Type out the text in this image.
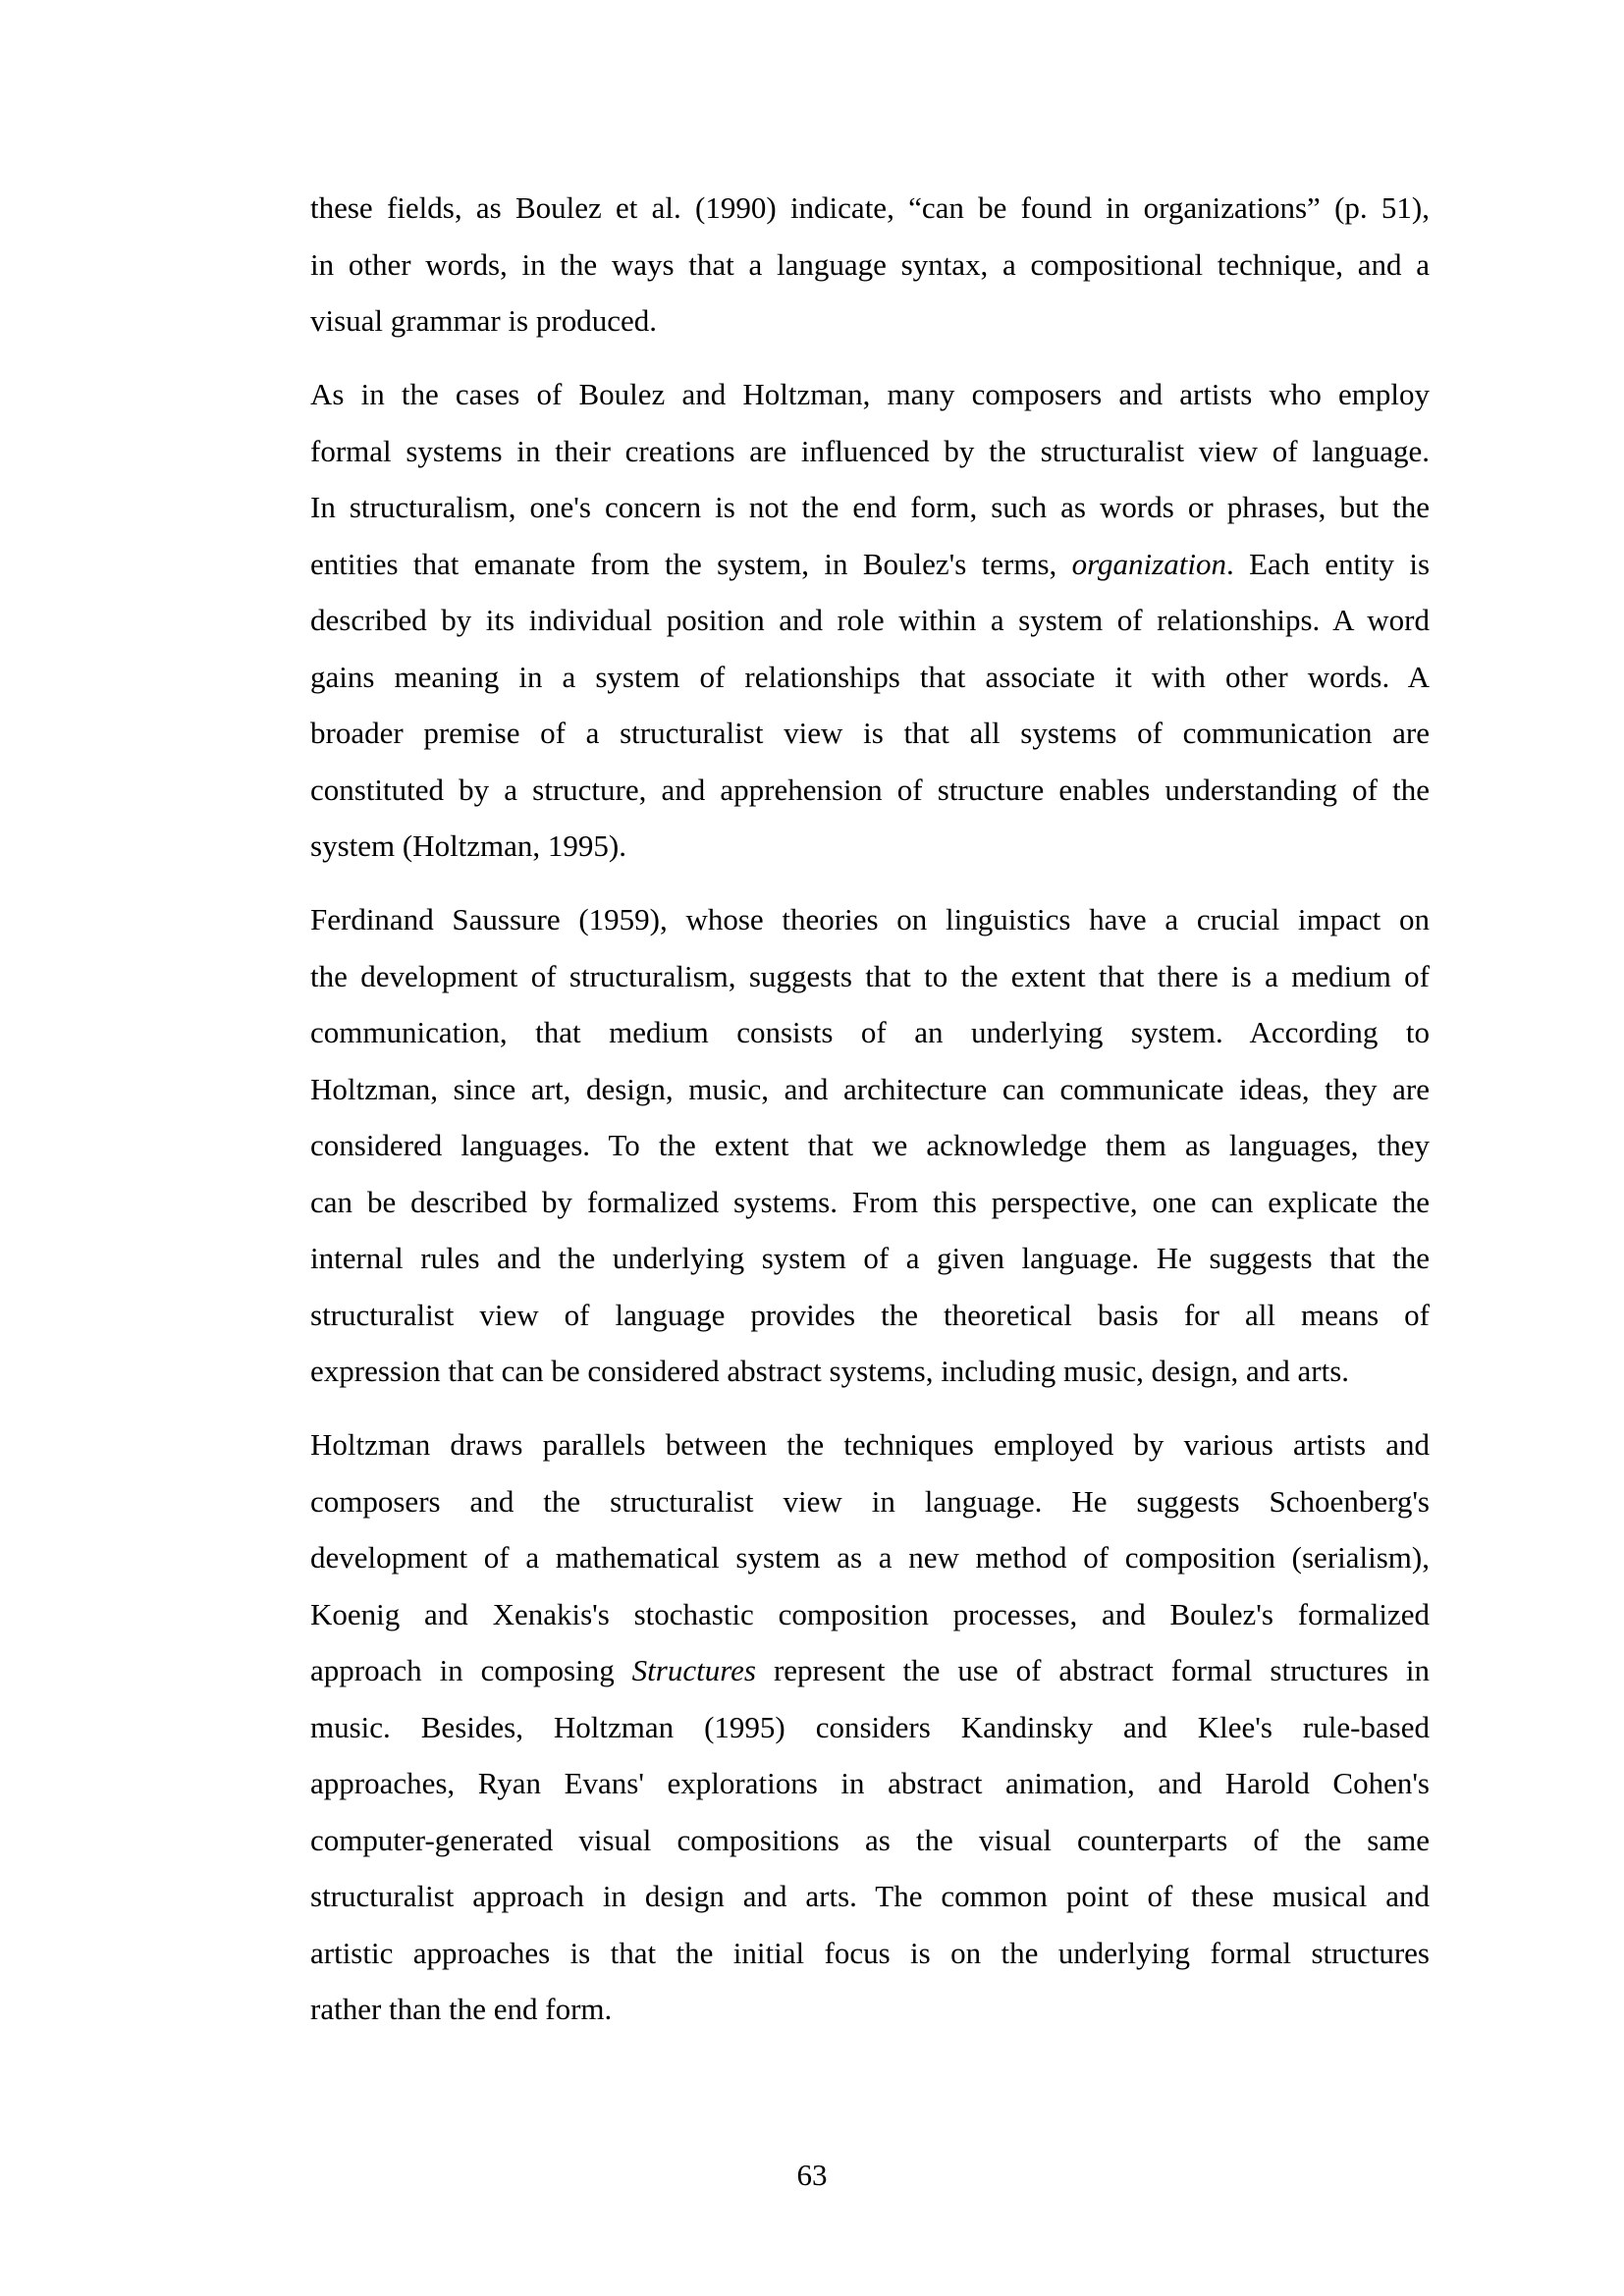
these fields, as Boulez et al. (1990) indicate, “can be found in organizations” (p. 51),
in other words, in the ways that a language syntax, a compositional technique, and a
visual grammar is produced.
As in the cases of Boulez and Holtzman, many composers and artists who employ
formal systems in their creations are influenced by the structuralist view of language.
In structuralism, one's concern is not the end form, such as words or phrases, but the
entities that emanate from the system, in Boulez's terms, organization. Each entity is
described by its individual position and role within a system of relationships. A word
gains meaning in a system of relationships that associate it with other words. A
broader premise of a structuralist view is that all systems of communication are
constituted by a structure, and apprehension of structure enables understanding of the
system (Holtzman, 1995).
Ferdinand Saussure (1959), whose theories on linguistics have a crucial impact on
the development of structuralism, suggests that to the extent that there is a medium of
communication, that medium consists of an underlying system. According to
Holtzman, since art, design, music, and architecture can communicate ideas, they are
considered languages. To the extent that we acknowledge them as languages, they
can be described by formalized systems. From this perspective, one can explicate the
internal rules and the underlying system of a given language. He suggests that the
structuralist view of language provides the theoretical basis for all means of
expression that can be considered abstract systems, including music, design, and arts.
Holtzman draws parallels between the techniques employed by various artists and
composers and the structuralist view in language. He suggests Schoenberg's
development of a mathematical system as a new method of composition (serialism),
Koenig and Xenakis's stochastic composition processes, and Boulez's formalized
approach in composing Structures represent the use of abstract formal structures in
music. Besides, Holtzman (1995) considers Kandinsky and Klee's rule-based
approaches, Ryan Evans' explorations in abstract animation, and Harold Cohen's
computer-generated visual compositions as the visual counterparts of the same
structuralist approach in design and arts. The common point of these musical and
artistic approaches is that the initial focus is on the underlying formal structures
rather than the end form.
63
